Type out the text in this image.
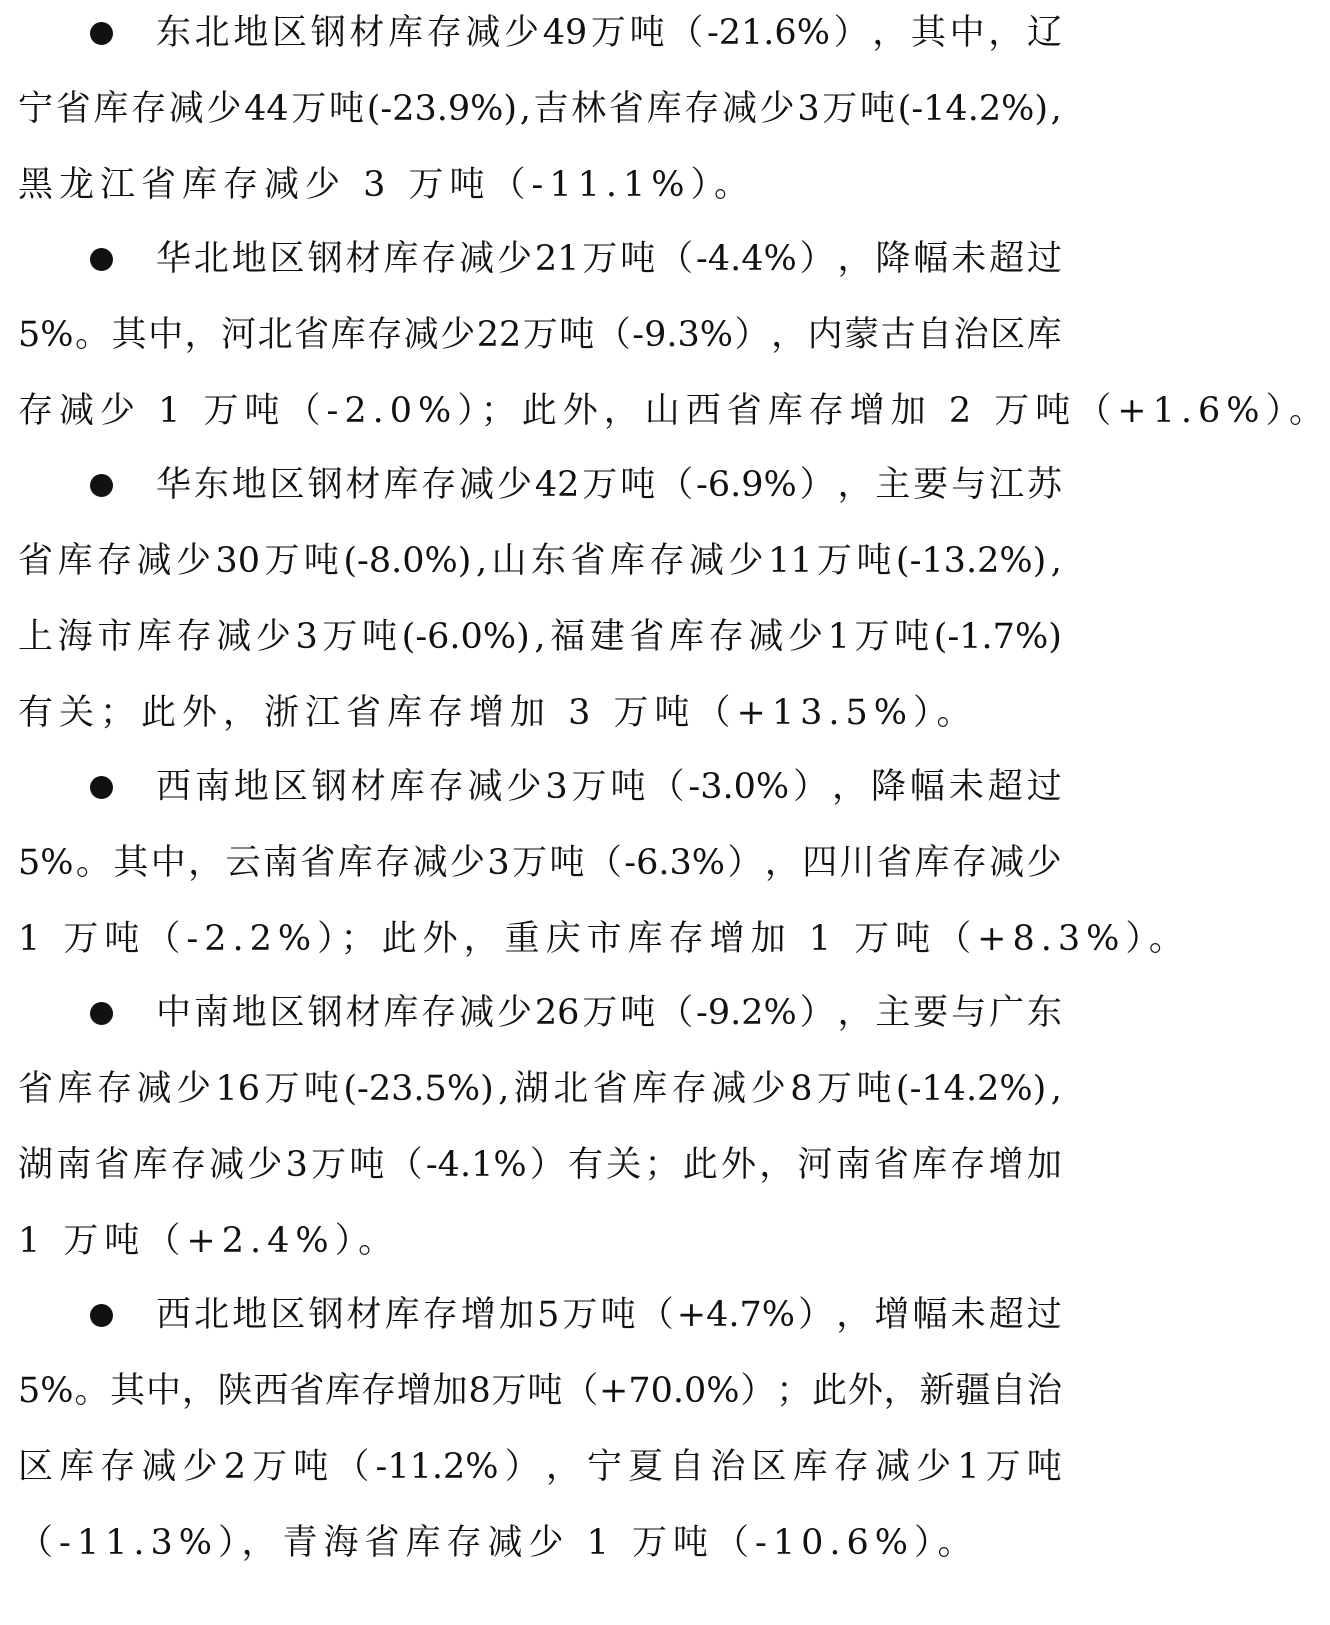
东 北 地 区 钢 材 库 存 减 少 49 万 吨 （ -21.6% ） ， 其 中 ， 辽
宁 省 库 存 减 少 44 万 吨 (-23.9%) , 吉 林 省 库 存 减 少 3 万 吨 (-14.2%) ,
黑龙江省库存减少 3 万吨（-11.1%）。
华 北 地 区 钢 材 库 存 减 少 21 万 吨 （ -4.4% ） ， 降 幅 未 超 过
5% 。 其 中 ， 河 北 省 库 存 减 少 22 万 吨 （ -9.3% ） ， 内 蒙 古 自 治 区 库
存减少 1 万吨（-2.0%）；此外，山西省库存增加 2 万吨（+1.6%）。
华 东 地 区 钢 材 库 存 减 少 42 万 吨 （ -6.9% ） ， 主 要 与 江 苏
省 库 存 减 少 30 万 吨 (-8.0%) , 山 东 省 库 存 减 少 11 万 吨 (-13.2%) ,
上 海 市 库 存 减 少 3 万 吨 (-6.0%) , 福 建 省 库 存 减 少 1 万 吨 (-1.7%)
有关；此外，浙江省库存增加 3 万吨（+13.5%）。
西 南 地 区 钢 材 库 存 减 少 3 万 吨 （ -3.0% ） ， 降 幅 未 超 过
5% 。 其 中 ， 云 南 省 库 存 减 少 3 万 吨 （ -6.3% ） ， 四 川 省 库 存 减 少
1 万吨（-2.2%）；此外，重庆市库存增加 1 万吨（+8.3%）。
中 南 地 区 钢 材 库 存 减 少 26 万 吨 （ -9.2% ） ， 主 要 与 广 东
省 库 存 减 少 16 万 吨 (-23.5%) , 湖 北 省 库 存 减 少 8 万 吨 (-14.2%) ,
湖 南 省 库 存 减 少 3 万 吨 （ -4.1% ） 有 关 ； 此 外 ， 河 南 省 库 存 增 加
1 万吨（+2.4%）。
西 北 地 区 钢 材 库 存 增 加 5 万 吨 （ +4.7% ） ， 增 幅 未 超 过
5% 。 其 中 ， 陕 西 省 库 存 增 加 8 万 吨 （ +70.0% ） ； 此 外 ， 新 疆 自 治
区 库 存 减 少 2 万 吨 （ -11.2% ） ， 宁 夏 自 治 区 库 存 减 少 1 万 吨
（-11.3%），青海省库存减少 1 万吨（-10.6%）。
